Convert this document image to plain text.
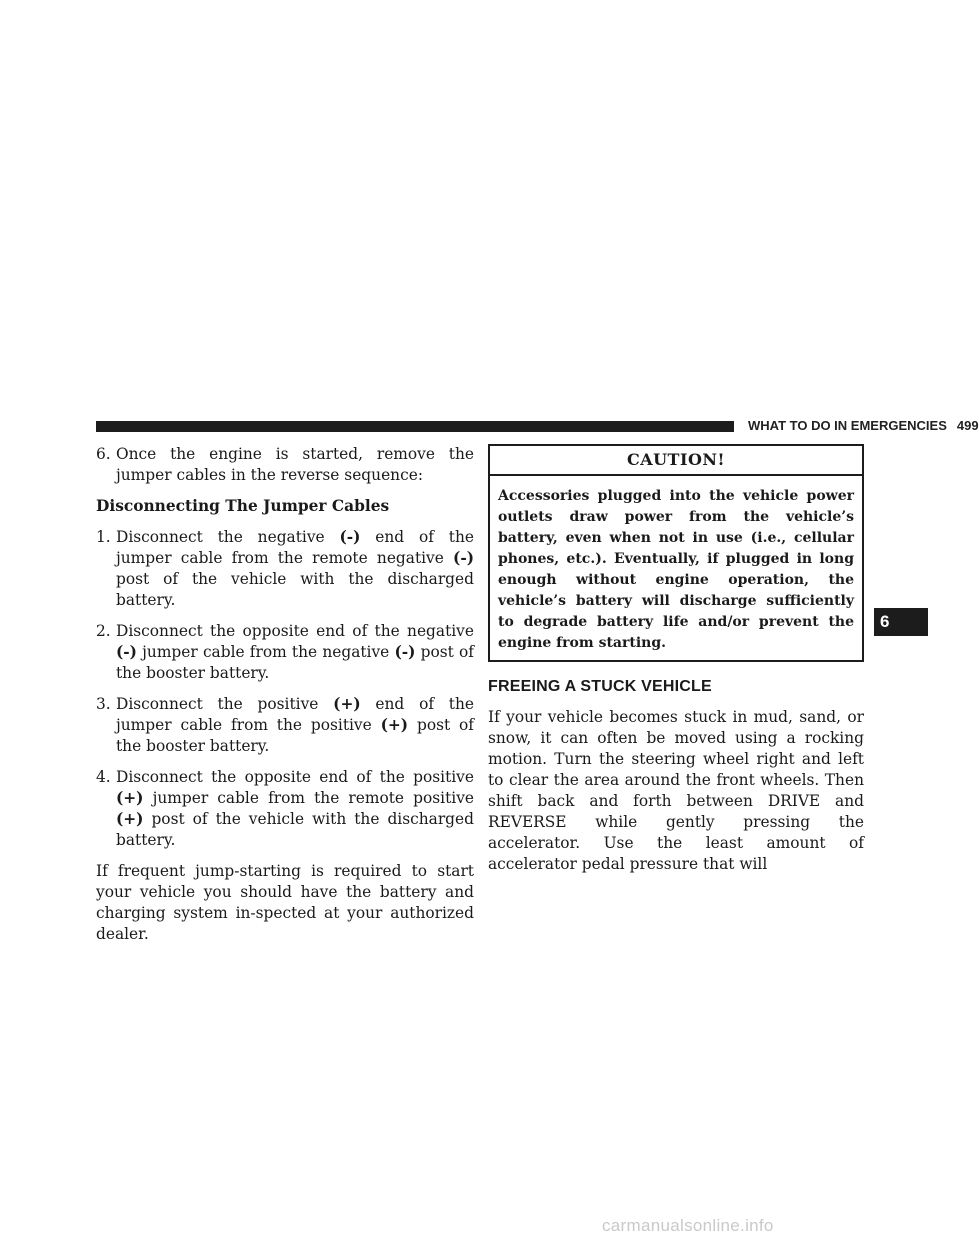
WHAT TO DO IN EMERGENCIES 499
6

6. Once the engine is started, remove the jumper cables in the reverse sequence:

Disconnecting The Jumper Cables

1. Disconnect the negative (-) end of the jumper cable from the remote negative (-) post of the vehicle with the discharged battery.

2. Disconnect the opposite end of the negative (-) jumper cable from the negative (-) post of the booster battery.

3. Disconnect the positive (+) end of the jumper cable from the positive (+) post of the booster battery.

4. Disconnect the opposite end of the positive (+) jumper cable from the remote positive (+) post of the vehicle with the discharged battery.

If frequent jump-starting is required to start your vehicle you should have the battery and charging system in-spected at your authorized dealer.

CAUTION!

Accessories plugged into the vehicle power outlets draw power from the vehicle’s battery, even when not in use (i.e., cellular phones, etc.). Eventually, if plugged in long enough without engine operation, the vehicle’s battery will discharge sufficiently to degrade battery life and/or prevent the engine from starting.

FREEING A STUCK VEHICLE

If your vehicle becomes stuck in mud, sand, or snow, it can often be moved using a rocking motion. Turn the steering wheel right and left to clear the area around the front wheels. Then shift back and forth between DRIVE and REVERSE while gently pressing the accelerator. Use the least amount of accelerator pedal pressure that will

carmanualsonline.info
